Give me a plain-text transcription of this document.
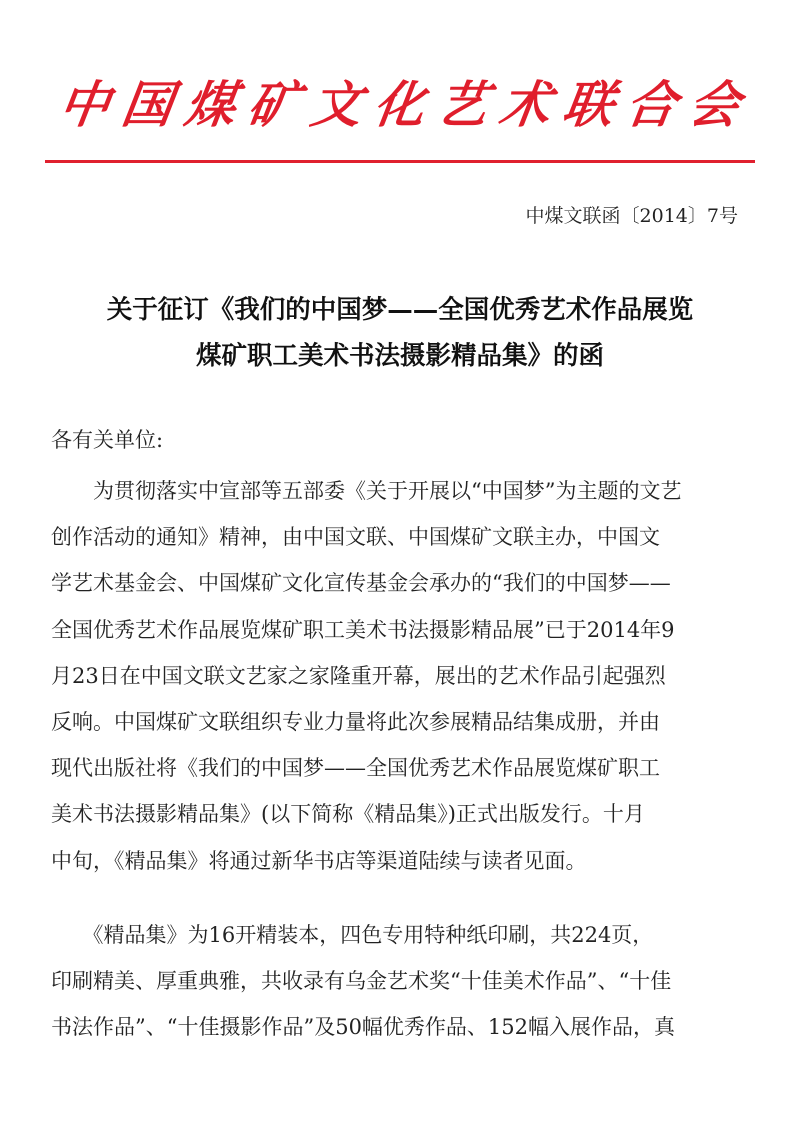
中 国 煤 矿 文 化 艺 术 联 合 会
中煤文联函〔2014〕7号
关于征订《我们的中国梦——全国优秀艺术作品展览
煤矿职工美术书法摄影精品集》的函
各有关单位:
　　为贯彻落实中宣部等五部委《关于开展以“中国梦”为主题的文艺
创作活动的通知》精神，由中国文联、中国煤矿文联主办，中国文
学艺术基金会、中国煤矿文化宣传基金会承办的“我们的中国梦——
全国优秀艺术作品展览煤矿职工美术书法摄影精品展”已于2014年9
月23日在中国文联文艺家之家隆重开幕，展出的艺术作品引起强烈
反响。中国煤矿文联组织专业力量将此次参展精品结集成册，并由
现代出版社将《我们的中国梦——全国优秀艺术作品展览煤矿职工
美术书法摄影精品集》(以下简称《精品集》)正式出版发行。十月
中旬，《精品集》将通过新华书店等渠道陆续与读者见面。
　　《精品集》为16开精装本，四色专用特种纸印刷，共224页，
印刷精美、厚重典雅，共收录有乌金艺术奖“十佳美术作品”、“十佳
书法作品”、“十佳摄影作品”及50幅优秀作品、152幅入展作品，真
